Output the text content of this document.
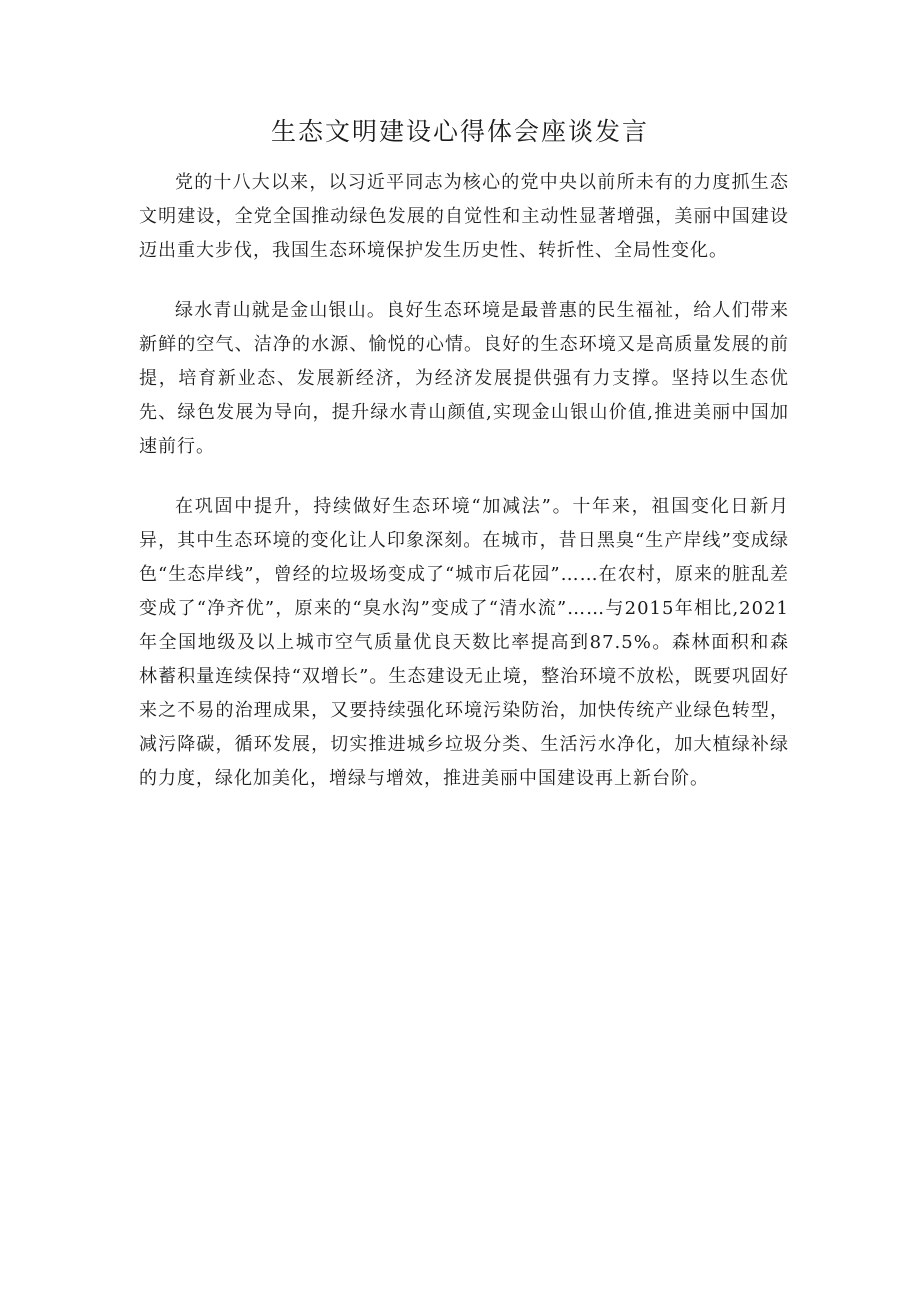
生态文明建设心得体会座谈发言

党的十八大以来，以习近平同志为核心的党中央以前所未有的力度抓生态文明建设，全党全国推动绿色发展的自觉性和主动性显著增强，美丽中国建设迈出重大步伐，我国生态环境保护发生历史性、转折性、全局性变化。

绿水青山就是金山银山。良好生态环境是最普惠的民生福祉，给人们带来新鲜的空气、洁净的水源、愉悦的心情。良好的生态环境又是高质量发展的前提，培育新业态、发展新经济，为经济发展提供强有力支撑。坚持以生态优先、绿色发展为导向，提升绿水青山颜值,实现金山银山价值,推进美丽中国加速前行。

在巩固中提升，持续做好生态环境“加减法”。十年来，祖国变化日新月异，其中生态环境的变化让人印象深刻。在城市，昔日黑臭“生产岸线”变成绿色“生态岸线”，曾经的垃圾场变成了“城市后花园”……在农村，原来的脏乱差变成了“净齐优”，原来的“臭水沟”变成了“清水流”……与2015年相比,2021年全国地级及以上城市空气质量优良天数比率提高到87.5%。森林面积和森林蓄积量连续保持“双增长”。生态建设无止境，整治环境不放松，既要巩固好来之不易的治理成果，又要持续强化环境污染防治，加快传统产业绿色转型，减污降碳，循环发展，切实推进城乡垃圾分类、生活污水净化，加大植绿补绿的力度，绿化加美化，增绿与增效，推进美丽中国建设再上新台阶。
